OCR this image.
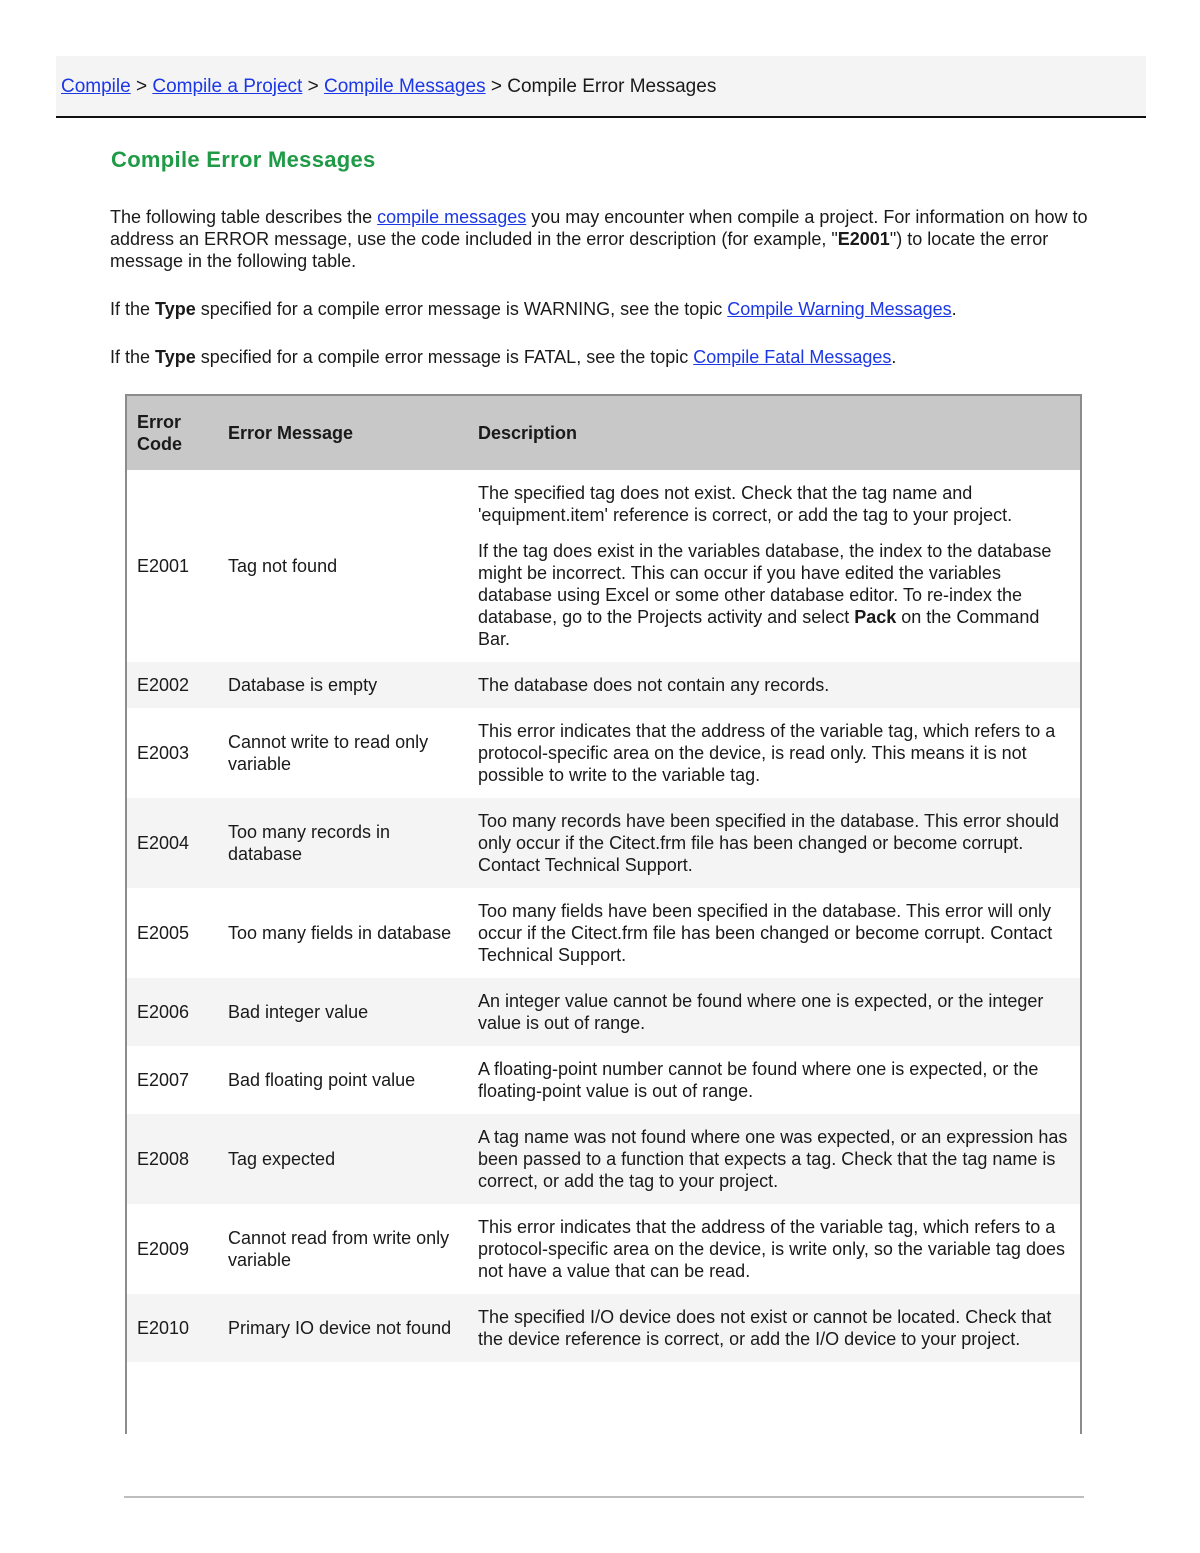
Compile > Compile a Project > Compile Messages > Compile Error Messages
Compile Error Messages

The following table describes the compile messages you may encounter when compile a project. For information on how to address an ERROR message, use the code included in the error description (for example, "E2001") to locate the error message in the following table.

If the Type specified for a compile error message is WARNING, see the topic Compile Warning Messages.

If the Type specified for a compile error message is FATAL, see the topic Compile Fatal Messages.

Error Code	Error Message	Description
E2001	Tag not found	The specified tag does not exist. Check that the tag name and 'equipment.item' reference is correct, or add the tag to your project.

If the tag does exist in the variables database, the index to the database might be incorrect. This can occur if you have edited the variables database using Excel or some other database editor. To re-index the database, go to the Projects activity and select Pack on the Command Bar.

E2002	Database is empty	The database does not contain any records.
E2003	Cannot write to read only variable	This error indicates that the address of the variable tag, which refers to a protocol-specific area on the device, is read only. This means it is not possible to write to the variable tag.
E2004	Too many records in database	Too many records have been specified in the database. This error should only occur if the Citect.frm file has been changed or become corrupt. Contact Technical Support.
E2005	Too many fields in database	Too many fields have been specified in the database. This error will only occur if the Citect.frm file has been changed or become corrupt. Contact Technical Support.
E2006	Bad integer value	An integer value cannot be found where one is expected, or the integer value is out of range.
E2007	Bad floating point value	A floating-point number cannot be found where one is expected, or the floating-point value is out of range.
E2008	Tag expected	A tag name was not found where one was expected, or an expression has been passed to a function that expects a tag. Check that the tag name is correct, or add the tag to your project.
E2009	Cannot read from write only variable	This error indicates that the address of the variable tag, which refers to a protocol-specific area on the device, is write only, so the variable tag does not have a value that can be read.
E2010	Primary IO device not found	The specified I/O device does not exist or cannot be located. Check that the device reference is correct, or add the I/O device to your project.
